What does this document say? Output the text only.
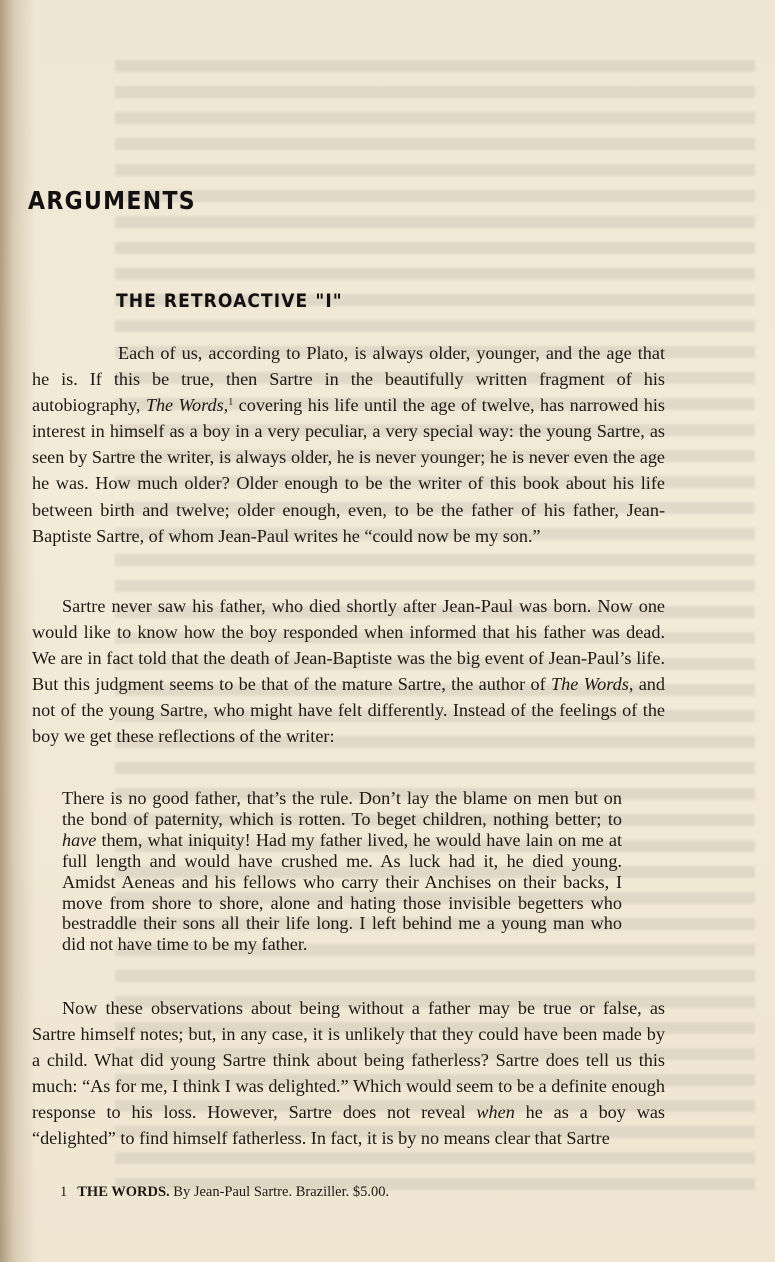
ARGUMENTS
THE RETROACTIVE "I"

Each of us, according to Plato, is always older, younger, and the age that he is. If this be true, then Sartre in the beautifully written fragment of his autobiography, The Words,$^1$ covering his life until the age of twelve, has narrowed his interest in himself as a boy in a very peculiar, a very special way: the young Sartre, as seen by Sartre the writer, is always older, he is never younger; he is never even the age he was. How much older? Older enough to be the writer of this book about his life between birth and twelve; older enough, even, to be the father of his father, Jean-Baptiste Sartre, of whom Jean-Paul writes he “could now be my son.”

Sartre never saw his father, who died shortly after Jean-Paul was born. Now one would like to know how the boy responded when informed that his father was dead. We are in fact told that the death of Jean-Baptiste was the big event of Jean-Paul’s life. But this judgment seems to be that of the mature Sartre, the author of The Words, and not of the young Sartre, who might have felt differently. Instead of the feelings of the boy we get these reflections of the writer:

There is no good father, that’s the rule. Don’t lay the blame on men but on the bond of paternity, which is rotten. To beget children, nothing better; to have them, what iniquity! Had my father lived, he would have lain on me at full length and would have crushed me. As luck had it, he died young. Amidst Aeneas and his fellows who carry their Anchises on their backs, I move from shore to shore, alone and hating those invisible begetters who bestraddle their sons all their life long. I left behind me a young man who did not have time to be my father.

Now these observations about being without a father may be true or false, as Sartre himself notes; but, in any case, it is unlikely that they could have been made by a child. What did young Sartre think about being fatherless? Sartre does tell us this much: “As for me, I think I was delighted.” Which would seem to be a definite enough response to his loss. However, Sartre does not reveal when he as a boy was “delighted” to find himself fatherless. In fact, it is by no means clear that Sartre

1 THE WORDS. By Jean-Paul Sartre. Braziller. $5.00.
